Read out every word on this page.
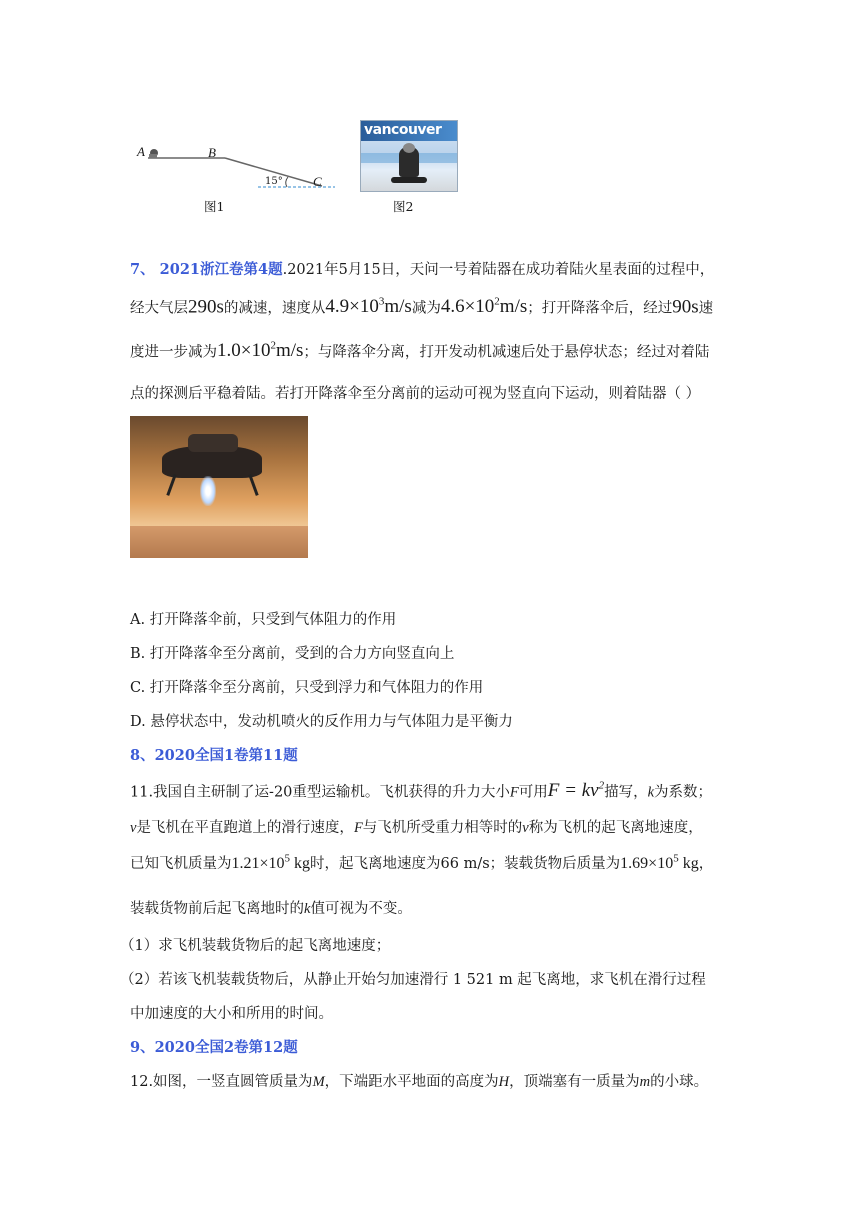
A	B
C
15°
图1
vancouver
图2
7、 2021浙江卷第4题.2021年5月15日，天问一号着陆器在成功着陆火星表面的过程中，
经大气层290s的减速，速度从$4.9\times 10^3m/s$减为$4.6\times 10^2m/s$；打开降落伞后，经过90s速
度进一步减为$1.0\times 10^2m/s$；与降落伞分离，打开发动机减速后处于悬停状态；经过对着陆
点的探测后平稳着陆。若打开降落伞至分离前的运动可视为竖直向下运动，则着陆器（ ）
A. 打开降落伞前，只受到气体阻力的作用
B. 打开降落伞至分离前，受到的合力方向竖直向上
C. 打开降落伞至分离前，只受到浮力和气体阻力的作用
D. 悬停状态中，发动机喷火的反作用力与气体阻力是平衡力
8、2020全国1卷第11题
11.我国自主研制了运-20重型运输机。飞机获得的升力大小F可用$F = kv^2$描写，k为系数；
v是飞机在平直跑道上的滑行速度，F与飞机所受重力相等时的v称为飞机的起飞离地速度，
已知飞机质量为$1.21\times 10^5$ kg时，起飞离地速度为66 m/s；装载货物后质量为$1.69\times 10^5$ kg，
装载货物前后起飞离地时的k值可视为不变。
（1）求飞机装载货物后的起飞离地速度；
（2）若该飞机装载货物后，从静止开始匀加速滑行 1 521 m 起飞离地，求飞机在滑行过程
中加速度的大小和所用的时间。
9、2020全国2卷第12题
12.如图，一竖直圆管质量为M，下端距水平地面的高度为H，顶端塞有一质量为m的小球。
